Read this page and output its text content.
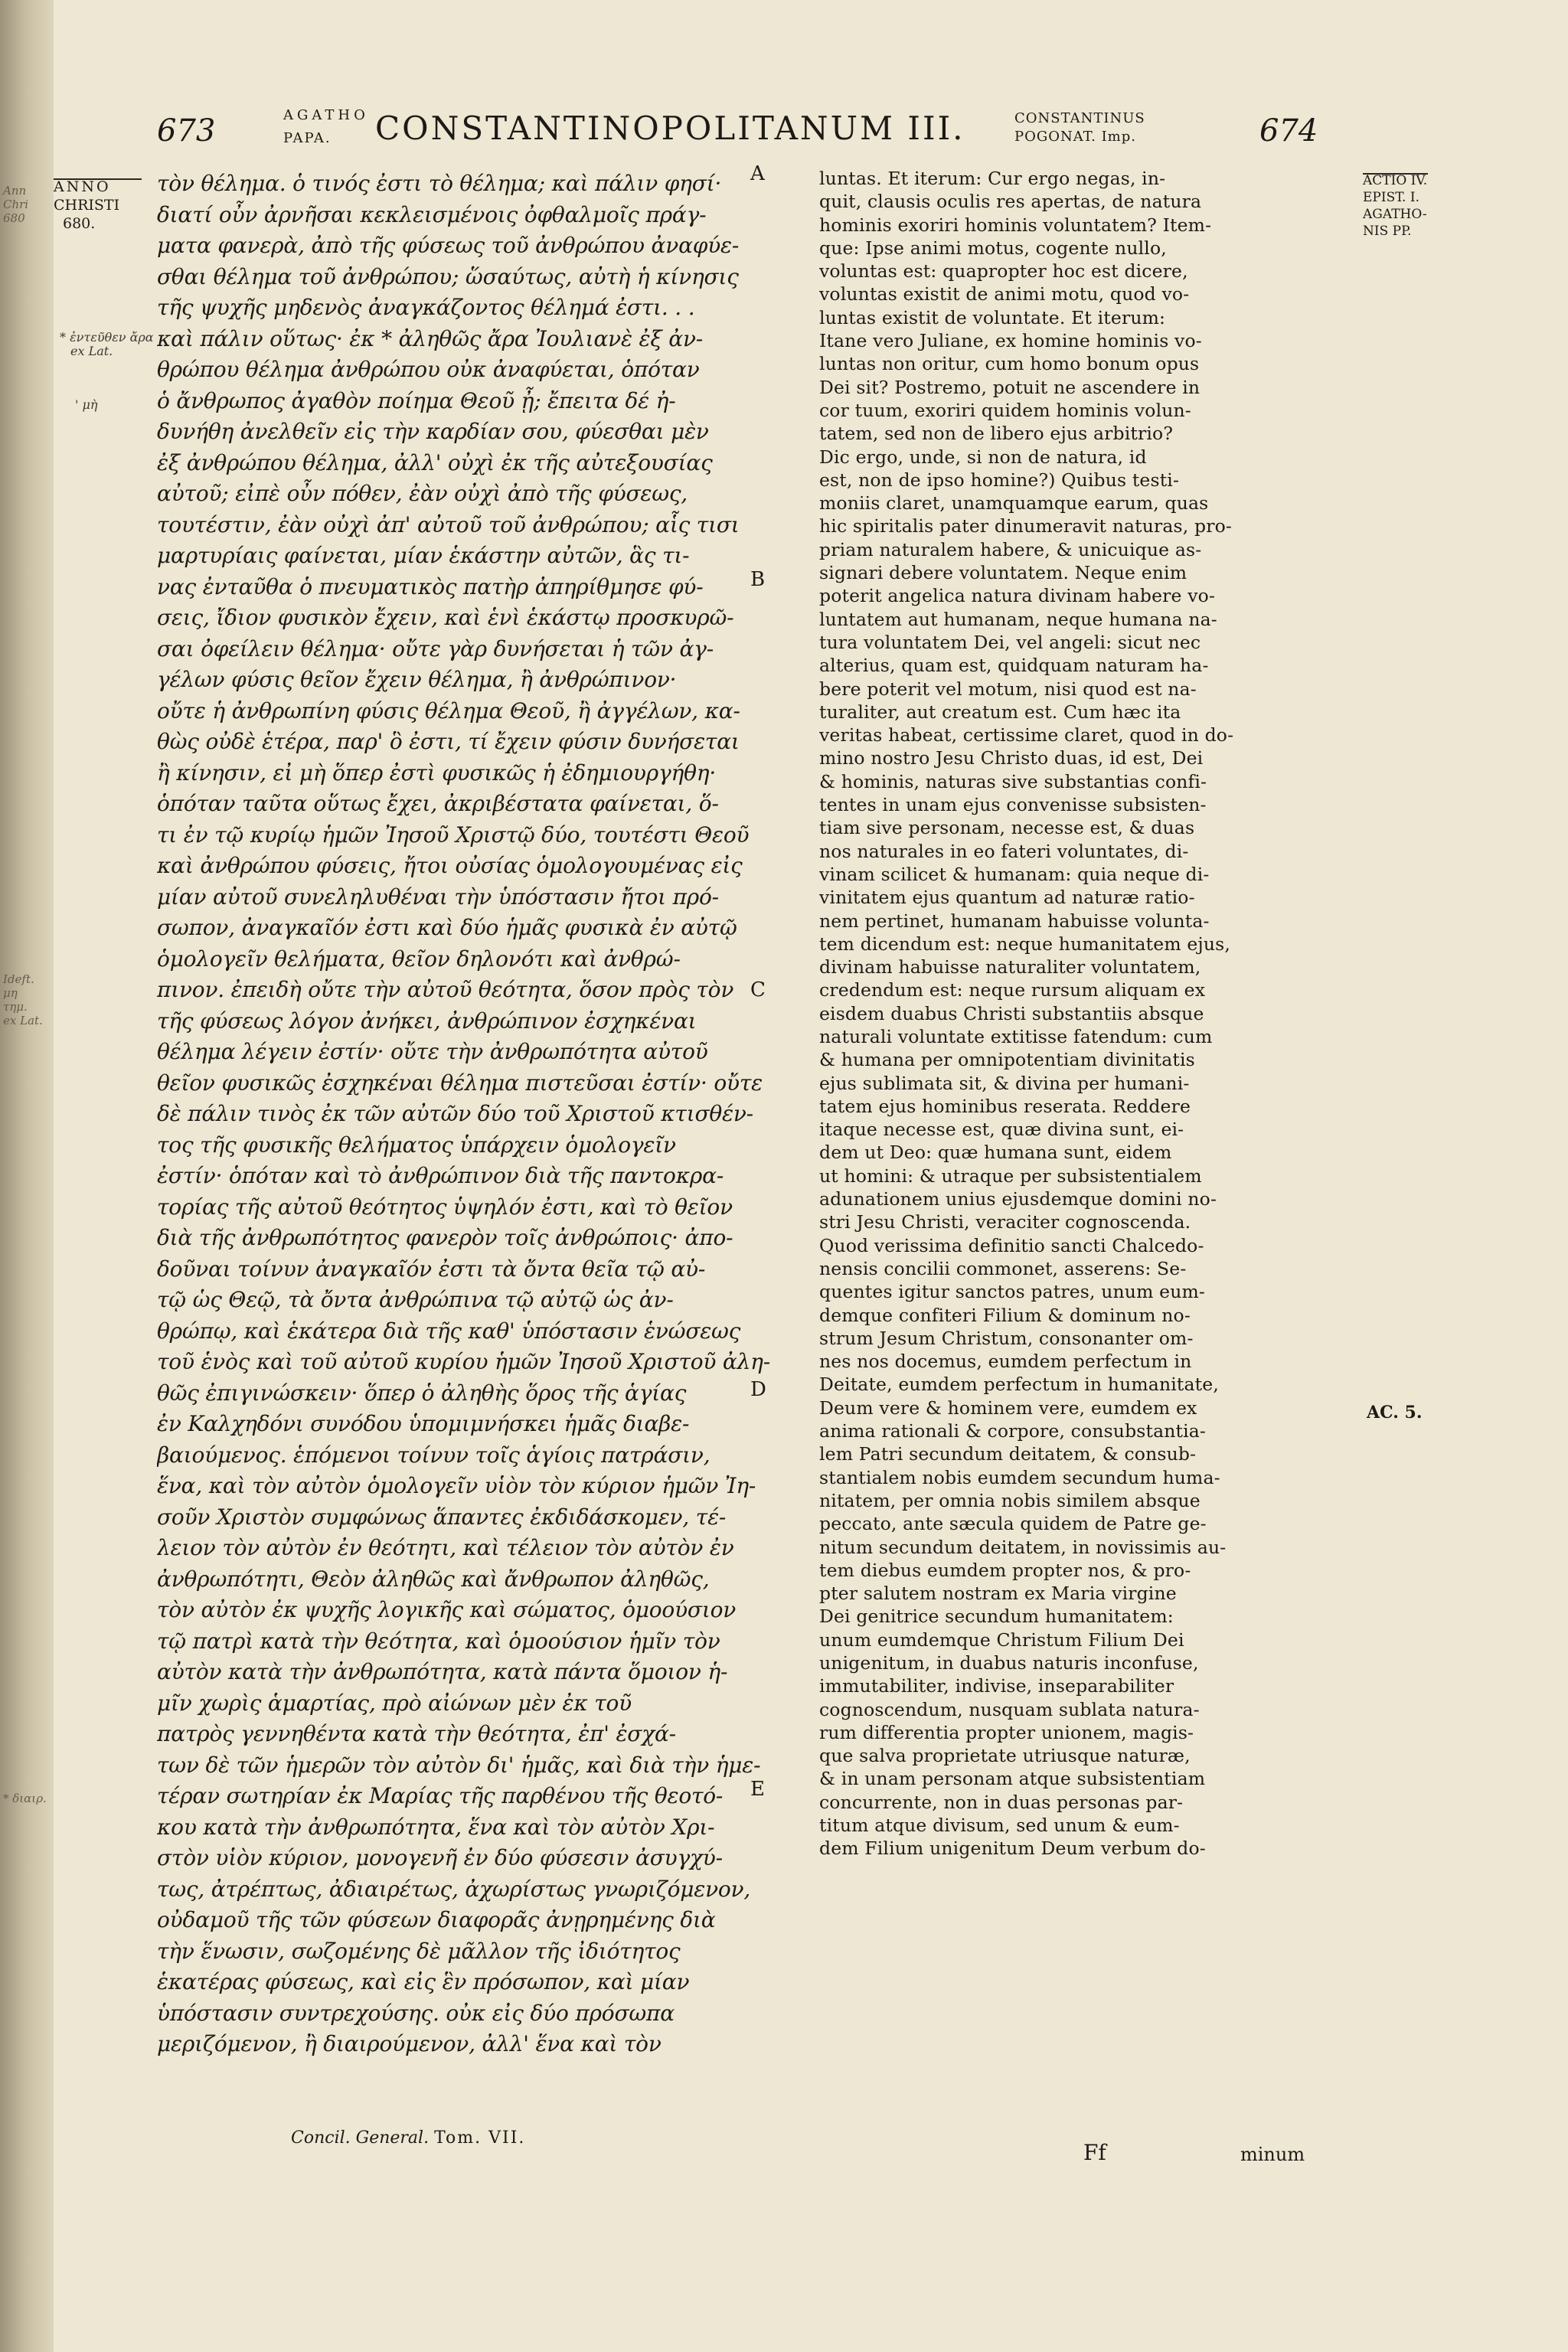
Ann
Chri
680
Ideft.
μη
τημ.
ex Lat.
* διαιρ.
673	AGATHO
PAPA. CONSTANTINOPOLITANUM III.	CONSTANTINUS
POGONAT. Imp.	674
ANNO
CHRISTI
680.
* ἐντεῦθεν ἄρα
ex Lat.
' μὴ
τὸν θέλημα. ὁ τινός ἐστι τὸ θέλημα; καὶ πάλιν φησί·
διατί οὖν ἀρνῆσαι κεκλεισμένοις ὀφθαλμοῖς πράγ-
ματα φανερὰ, ἀπὸ τῆς φύσεως τοῦ ἀνθρώπου ἀναφύε-
σθαι θέλημα τοῦ ἀνθρώπου; ὥσαύτως, αὐτὴ ἡ κίνησις
τῆς ψυχῆς μηδενὸς ἀναγκάζοντος θέλημά ἐστι. . .
καὶ πάλιν οὕτως· ἐκ * ἀληθῶς ἄρα Ἰουλιανὲ ἐξ ἀν-
θρώπου θέλημα ἀνθρώπου οὐκ ἀναφύεται, ὁπόταν
ὁ ἄνθρωπος ἀγαθὸν ποίημα Θεοῦ ᾖ; ἔπειτα δέ ἠ-
δυνήθη ἀνελθεῖν εἰς τὴν καρδίαν σου, φύεσθαι μὲν
ἐξ ἀνθρώπου θέλημα, ἀλλ' οὐχὶ ἐκ τῆς αὐτεξουσίας
αὐτοῦ; εἰπὲ οὖν πόθεν, ἐὰν οὐχὶ ἀπὸ τῆς φύσεως,
τουτέστιν, ἐὰν οὐχὶ ἀπ' αὐτοῦ τοῦ ἀνθρώπου; αἷς τισι
μαρτυρίαις φαίνεται, μίαν ἑκάστην αὐτῶν, ἃς τι-
νας ἐνταῦθα ὁ πνευματικὸς πατὴρ ἀπηρίθμησε φύ-
σεις, ἴδιον φυσικὸν ἔχειν, καὶ ἑνὶ ἑκάστῳ προσκυρῶ-
σαι ὀφείλειν θέλημα· οὔτε γὰρ δυνήσεται ἡ τῶν ἀγ-
γέλων φύσις θεῖον ἔχειν θέλημα, ἢ ἀνθρώπινον·
οὔτε ἡ ἀνθρωπίνη φύσις θέλημα Θεοῦ, ἢ ἀγγέλων, κα-
θὼς οὐδὲ ἑτέρα, παρ' ὃ ἐστι, τί ἔχειν φύσιν δυνήσεται
ἢ κίνησιν, εἰ μὴ ὅπερ ἐστὶ φυσικῶς ἡ ἐδημιουργήθη·
ὁπόταν ταῦτα οὕτως ἔχει, ἀκριβέστατα φαίνεται, ὅ-
τι ἐν τῷ κυρίῳ ἡμῶν Ἰησοῦ Χριστῷ δύο, τουτέστι Θεοῦ
καὶ ἀνθρώπου φύσεις, ἤτοι οὐσίας ὁμολογουμένας εἰς
μίαν αὐτοῦ συνεληλυθέναι τὴν ὑπόστασιν ἤτοι πρό-
σωπον, ἀναγκαῖόν ἐστι καὶ δύο ἡμᾶς φυσικὰ ἐν αὐτῷ
ὁμολογεῖν θελήματα, θεῖον δηλονότι καὶ ἀνθρώ-
πινον. ἐπειδὴ οὔτε τὴν αὐτοῦ θεότητα, ὅσον πρὸς τὸν
τῆς φύσεως λόγον ἀνήκει, ἀνθρώπινον ἐσχηκέναι
θέλημα λέγειν ἐστίν· οὔτε τὴν ἀνθρωπότητα αὐτοῦ
θεῖον φυσικῶς ἐσχηκέναι θέλημα πιστεῦσαι ἐστίν· οὔτε
δὲ πάλιν τινὸς ἐκ τῶν αὐτῶν δύο τοῦ Χριστοῦ κτισθέν-
τος τῆς φυσικῆς θελήματος ὑπάρχειν ὁμολογεῖν
ἐστίν· ὁπόταν καὶ τὸ ἀνθρώπινον διὰ τῆς παντοκρα-
τορίας τῆς αὐτοῦ θεότητος ὑψηλόν ἐστι, καὶ τὸ θεῖον
διὰ τῆς ἀνθρωπότητος φανερὸν τοῖς ἀνθρώποις· ἀπο-
δοῦναι τοίνυν ἀναγκαῖόν ἐστι τὰ ὄντα θεῖα τῷ αὐ-
τῷ ὡς Θεῷ, τὰ ὄντα ἀνθρώπινα τῷ αὐτῷ ὡς ἀν-
θρώπῳ, καὶ ἑκάτερα διὰ τῆς καθ' ὑπόστασιν ἑνώσεως
τοῦ ἑνὸς καὶ τοῦ αὐτοῦ κυρίου ἡμῶν Ἰησοῦ Χριστοῦ ἀλη-
θῶς ἐπιγινώσκειν· ὅπερ ὁ ἀληθὴς ὅρος τῆς ἁγίας
ἐν Καλχηδόνι συνόδου ὑπομιμνήσκει ἡμᾶς διαβε-
βαιούμενος. ἑπόμενοι τοίνυν τοῖς ἁγίοις πατράσιν,
ἕνα, καὶ τὸν αὐτὸν ὁμολογεῖν υἱὸν τὸν κύριον ἡμῶν Ἰη-
σοῦν Χριστὸν συμφώνως ἅπαντες ἐκδιδάσκομεν, τέ-
λειον τὸν αὐτὸν ἐν θεότητι, καὶ τέλειον τὸν αὐτὸν ἐν
ἀνθρωπότητι, Θεὸν ἀληθῶς καὶ ἄνθρωπον ἀληθῶς,
τὸν αὐτὸν ἐκ ψυχῆς λογικῆς καὶ σώματος, ὁμοούσιον
τῷ πατρὶ κατὰ τὴν θεότητα, καὶ ὁμοούσιον ἡμῖν τὸν
αὐτὸν κατὰ τὴν ἀνθρωπότητα, κατὰ πάντα ὅμοιον ἡ-
μῖν χωρὶς ἁμαρτίας, πρὸ αἰώνων μὲν ἐκ τοῦ
πατρὸς γεννηθέντα κατὰ τὴν θεότητα, ἐπ' ἐσχά-
των δὲ τῶν ἡμερῶν τὸν αὐτὸν δι' ἡμᾶς, καὶ διὰ τὴν ἡμε-
τέραν σωτηρίαν ἐκ Μαρίας τῆς παρθένου τῆς θεοτό-
κου κατὰ τὴν ἀνθρωπότητα, ἕνα καὶ τὸν αὐτὸν Χρι-
στὸν υἱὸν κύριον, μονογενῆ ἐν δύο φύσεσιν ἀσυγχύ-
τως, ἀτρέπτως, ἀδιαιρέτως, ἀχωρίστως γνωριζόμενον,
οὐδαμοῦ τῆς τῶν φύσεων διαφορᾶς ἀνῃρημένης διὰ
τὴν ἕνωσιν, σωζομένης δὲ μᾶλλον τῆς ἰδιότητος
ἑκατέρας φύσεως, καὶ εἰς ἓν πρόσωπον, καὶ μίαν
ὑπόστασιν συντρεχούσης. οὐκ εἰς δύο πρόσωπα
μεριζόμενον, ἢ διαιρούμενον, ἀλλ' ἕνα καὶ τὸν
A
B
C
D
E
luntas. Et iterum: Cur ergo negas, in-
quit, clausis oculis res apertas, de natura
hominis exoriri hominis voluntatem? Item-
que: Ipse animi motus, cogente nullo,
voluntas est: quapropter hoc est dicere,
voluntas existit de animi motu, quod vo-
luntas existit de voluntate. Et iterum:
Itane vero Juliane, ex homine hominis vo-
luntas non oritur, cum homo bonum opus
Dei sit? Postremo, potuit ne ascendere in
cor tuum, exoriri quidem hominis volun-
tatem, sed non de libero ejus arbitrio?
Dic ergo, unde, si non de natura, id
est, non de ipso homine?) Quibus testi-
moniis claret, unamquamque earum, quas
hic spiritalis pater dinumeravit naturas, pro-
priam naturalem habere, & unicuique as-
signari debere voluntatem. Neque enim
poterit angelica natura divinam habere vo-
luntatem aut humanam, neque humana na-
tura voluntatem Dei, vel angeli: sicut nec
alterius, quam est, quidquam naturam ha-
bere poterit vel motum, nisi quod est na-
turaliter, aut creatum est. Cum hæc ita
veritas habeat, certissime claret, quod in do-
mino nostro Jesu Christo duas, id est, Dei
& hominis, naturas sive substantias confi-
tentes in unam ejus convenisse subsisten-
tiam sive personam, necesse est, & duas
nos naturales in eo fateri voluntates, di-
vinam scilicet & humanam: quia neque di-
vinitatem ejus quantum ad naturæ ratio-
nem pertinet, humanam habuisse volunta-
tem dicendum est: neque humanitatem ejus,
divinam habuisse naturaliter voluntatem,
credendum est: neque rursum aliquam ex
eisdem duabus Christi substantiis absque
naturali voluntate extitisse fatendum: cum
& humana per omnipotentiam divinitatis
ejus sublimata sit, & divina per humani-
tatem ejus hominibus reserata. Reddere
itaque necesse est, quæ divina sunt, ei-
dem ut Deo: quæ humana sunt, eidem
ut homini: & utraque per subsistentialem
adunationem unius ejusdemque domini no-
stri Jesu Christi, veraciter cognoscenda.
Quod verissima definitio sancti Chalcedo-
nensis concilii commonet, asserens: Se-
quentes igitur sanctos patres, unum eum-
demque confiteri Filium & dominum no-
strum Jesum Christum, consonanter om-
nes nos docemus, eumdem perfectum in
Deitate, eumdem perfectum in humanitate,
Deum vere & hominem vere, eumdem ex
anima rationali & corpore, consubstantia-
lem Patri secundum deitatem, & consub-
stantialem nobis eumdem secundum huma-
nitatem, per omnia nobis similem absque
peccato, ante sæcula quidem de Patre ge-
nitum secundum deitatem, in novissimis au-
tem diebus eumdem propter nos, & pro-
pter salutem nostram ex Maria virgine
Dei genitrice secundum humanitatem:
unum eumdemque Christum Filium Dei
unigenitum, in duabus naturis inconfuse,
immutabiliter, indivise, inseparabiliter
cognoscendum, nusquam sublata natura-
rum differentia propter unionem, magis-
que salva proprietate utriusque naturæ,
& in unam personam atque subsistentiam
concurrente, non in duas personas par-
titum atque divisum, sed unum & eum-
dem Filium unigenitum Deum verbum do-
ACTIO IV.
EPIST. I.
AGATHO-
NIS PP.
AC. 5.
Concil. General. Tom. VII.
Ff	minum
